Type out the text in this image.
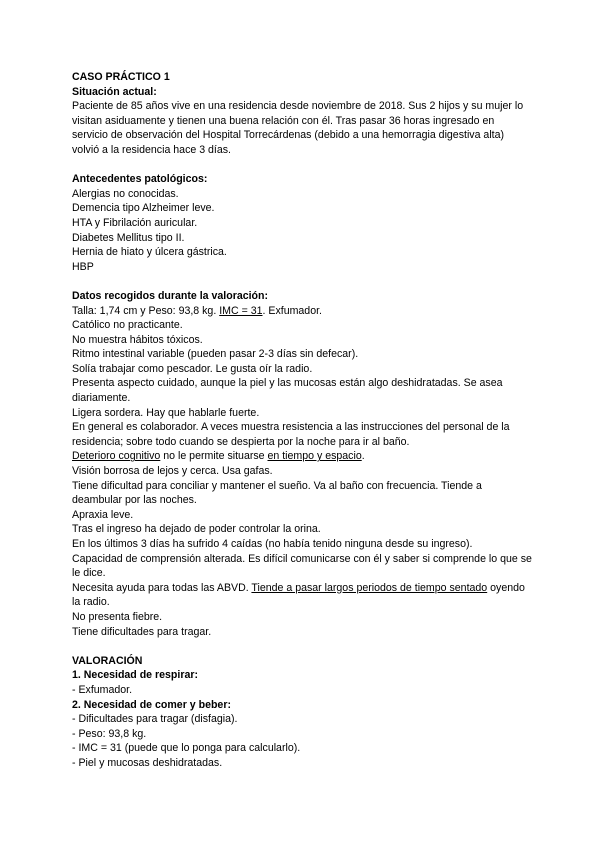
CASO PRÁCTICO 1

Situación actual:

Paciente de 85 años vive en una residencia desde noviembre de 2018. Sus 2 hijos y su mujer lo visitan asiduamente y tienen una buena relación con él. Tras pasar 36 horas ingresado en servicio de observación del Hospital Torrecárdenas (debido a una hemorragia digestiva alta) volvió a la residencia hace 3 días.

Antecedentes patológicos:

Alergias no conocidas.

Demencia tipo Alzheimer leve.

HTA y Fibrilación auricular.

Diabetes Mellitus tipo II.

Hernia de hiato y úlcera gástrica.

HBP

Datos recogidos durante la valoración:

Talla: 1,74 cm y Peso: 93,8 kg. IMC = 31. Exfumador.

Católico no practicante.

No muestra hábitos tóxicos.

Ritmo intestinal variable (pueden pasar 2-3 días sin defecar).

Solía trabajar como pescador. Le gusta oír la radio.

Presenta aspecto cuidado, aunque la piel y las mucosas están algo deshidratadas. Se asea diariamente.

Ligera sordera. Hay que hablarle fuerte.

En general es colaborador. A veces muestra resistencia a las instrucciones del personal de la residencia; sobre todo cuando se despierta por la noche para ir al baño.

Deterioro cognitivo no le permite situarse en tiempo y espacio.

Visión borrosa de lejos y cerca. Usa gafas.

Tiene dificultad para conciliar y mantener el sueño. Va al baño con frecuencia. Tiende a deambular por las noches.

Apraxia leve.

Tras el ingreso ha dejado de poder controlar la orina.

En los últimos 3 días ha sufrido 4 caídas (no había tenido ninguna desde su ingreso).

Capacidad de comprensión alterada. Es difícil comunicarse con él y saber si comprende lo que se le dice.

Necesita ayuda para todas las ABVD. Tiende a pasar largos periodos de tiempo sentado oyendo la radio.

No presenta fiebre.

Tiene dificultades para tragar.

VALORACIÓN

1. Necesidad de respirar:

- Exfumador.

2. Necesidad de comer y beber:

- Dificultades para tragar (disfagia).

- Peso: 93,8 kg.

- IMC = 31 (puede que lo ponga para calcularlo).

- Piel y mucosas deshidratadas.
